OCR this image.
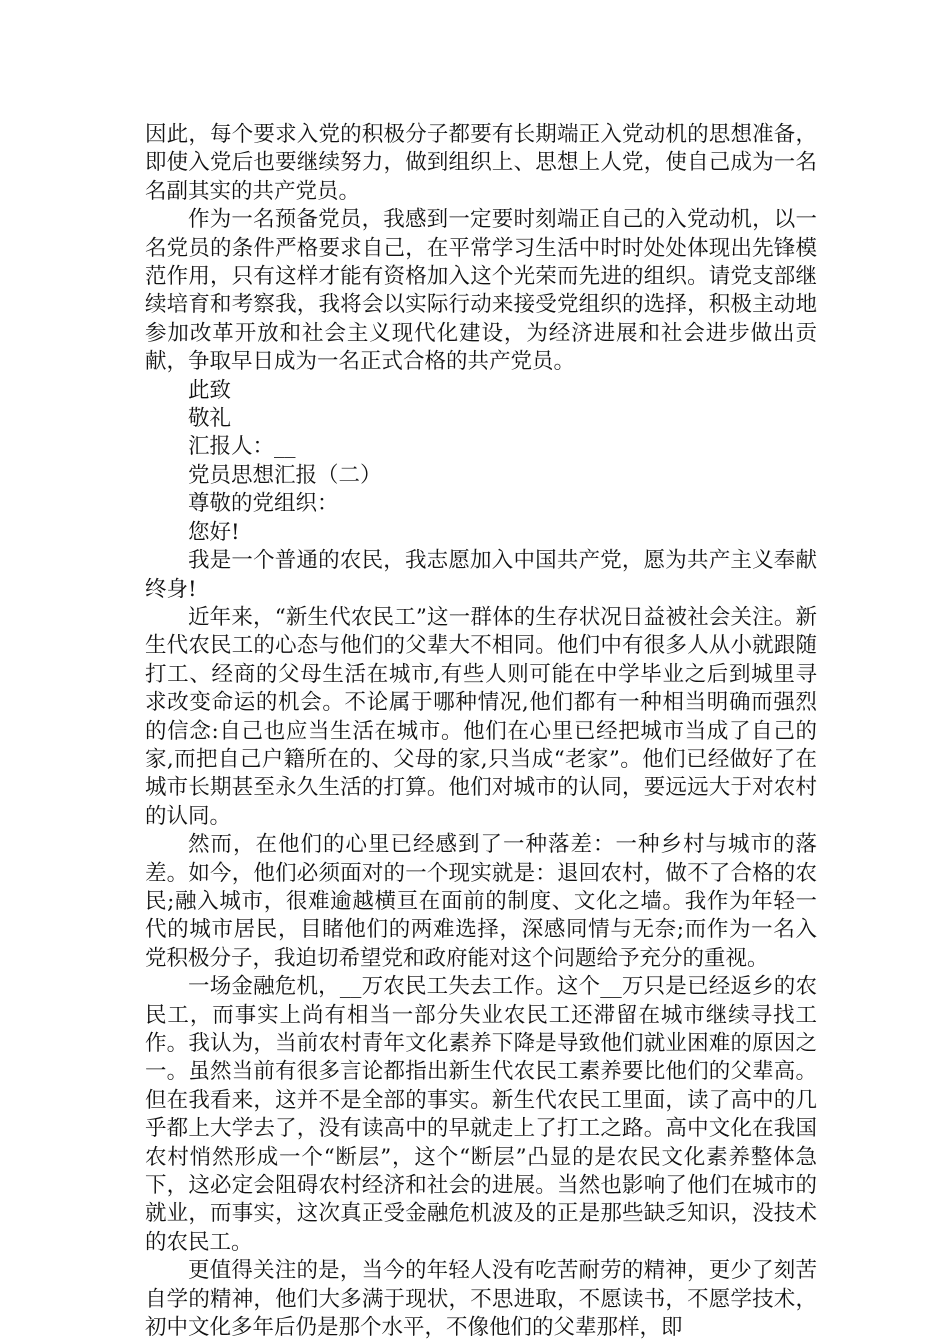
因此，每个要求入党的积极分子都要有长期端正入党动机的思想准备，即使入党后也要继续努力，做到组织上、思想上人党，使自己成为一名名副其实的共产党员。

作为一名预备党员，我感到一定要时刻端正自己的入党动机，以一名党员的条件严格要求自己，在平常学习生活中时时处处体现出先锋模范作用，只有这样才能有资格加入这个光荣而先进的组织。请党支部继续培育和考察我，我将会以实际行动来接受党组织的选择，积极主动地参加改革开放和社会主义现代化建设，为经济进展和社会进步做出贡献，争取早日成为一名正式合格的共产党员。

此致

敬礼

汇报人：__

党员思想汇报（二）

尊敬的党组织：

您好!

我是一个普通的农民，我志愿加入中国共产党，愿为共产主义奉献终身!

近年来，“新生代农民工”这一群体的生存状况日益被社会关注。新生代农民工的心态与他们的父辈大不相同。他们中有很多人从小就跟随打工、经商的父母生活在城市,有些人则可能在中学毕业之后到城里寻求改变命运的机会。不论属于哪种情况,他们都有一种相当明确而强烈的信念:自己也应当生活在城市。他们在心里已经把城市当成了自己的家,而把自己户籍所在的、父母的家,只当成“老家”。他们已经做好了在城市长期甚至永久生活的打算。他们对城市的认同，要远远大于对农村的认同。

然而，在他们的心里已经感到了一种落差：一种乡村与城市的落差。如今，他们必须面对的一个现实就是：退回农村，做不了合格的农民;融入城市，很难逾越横亘在面前的制度、文化之墙。我作为年轻一代的城市居民，目睹他们的两难选择，深感同情与无奈;而作为一名入党积极分子，我迫切希望党和政府能对这个问题给予充分的重视。

一场金融危机，__万农民工失去工作。这个__万只是已经返乡的农民工，而事实上尚有相当一部分失业农民工还滞留在城市继续寻找工作。我认为，当前农村青年文化素养下降是导致他们就业困难的原因之一。虽然当前有很多言论都指出新生代农民工素养要比他们的父辈高。但在我看来，这并不是全部的事实。新生代农民工里面，读了高中的几乎都上大学去了，没有读高中的早就走上了打工之路。高中文化在我国农村悄然形成一个“断层”，这个“断层”凸显的是农民文化素养整体急下，这必定会阻碍农村经济和社会的进展。当然也影响了他们在城市的就业，而事实，这次真正受金融危机波及的正是那些缺乏知识，没技术的农民工。

更值得关注的是，当今的年轻人没有吃苦耐劳的精神，更少了刻苦自学的精神，他们大多满于现状，不思进取，不愿读书，不愿学技术，初中文化多年后仍是那个水平，不像他们的父辈那样，即
